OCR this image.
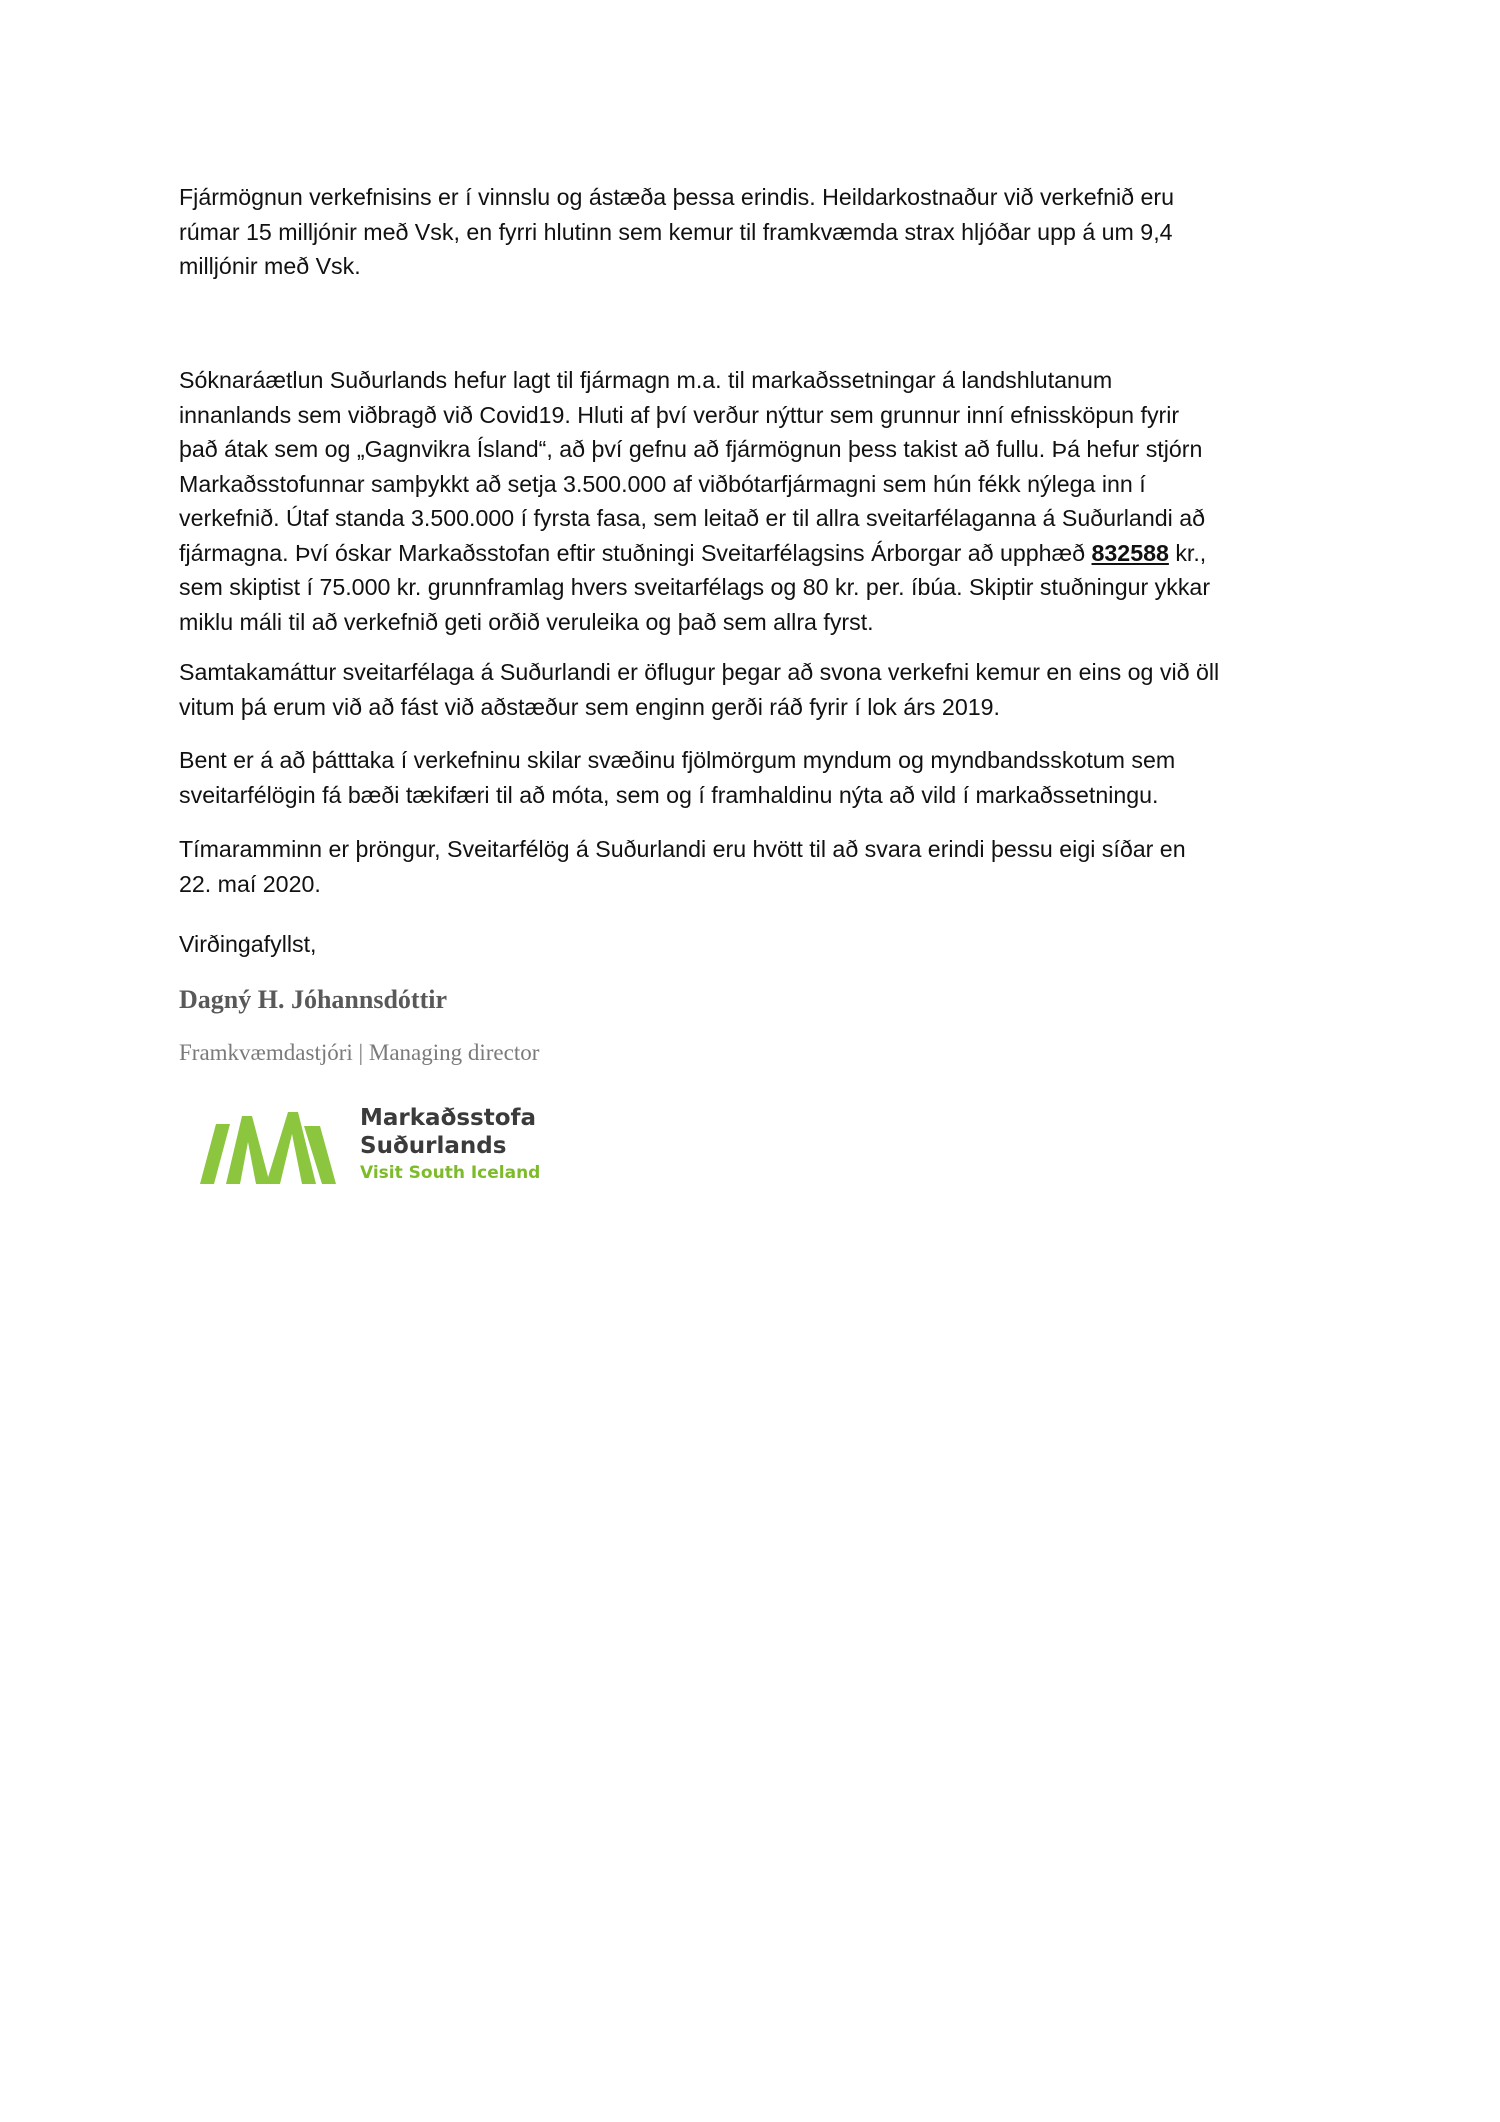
Fjármögnun verkefnisins er í vinnslu og ástæða þessa erindis. Heildarkostnaður við verkefnið eru
rúmar 15 milljónir með Vsk, en fyrri hlutinn sem kemur til framkvæmda strax hljóðar upp á um 9,4
milljónir með Vsk.

Sóknaráætlun Suðurlands hefur lagt til fjármagn m.a. til markaðssetningar á landshlutanum
innanlands sem viðbragð við Covid19. Hluti af því verður nýttur sem grunnur inní efnissköpun fyrir
það átak sem og „Gagnvikra Ísland“, að því gefnu að fjármögnun þess takist að fullu. Þá hefur stjórn
Markaðsstofunnar samþykkt að setja 3.500.000 af viðbótarfjármagni sem hún fékk nýlega inn í
verkefnið. Útaf standa 3.500.000 í fyrsta fasa, sem leitað er til allra sveitarfélaganna á Suðurlandi að
fjármagna. Því óskar Markaðsstofan eftir stuðningi Sveitarfélagsins Árborgar að upphæð 832588 kr.,
sem skiptist í 75.000 kr. grunnframlag hvers sveitarfélags og 80 kr. per. íbúa. Skiptir stuðningur ykkar
miklu máli til að verkefnið geti orðið veruleika og það sem allra fyrst.

Samtakamáttur sveitarfélaga á Suðurlandi er öflugur þegar að svona verkefni kemur en eins og við öll
vitum þá erum við að fást við aðstæður sem enginn gerði ráð fyrir í lok árs 2019.

Bent er á að þátttaka í verkefninu skilar svæðinu fjölmörgum myndum og myndbandsskotum sem
sveitarfélögin fá bæði tækifæri til að móta, sem og í framhaldinu nýta að vild í markaðssetningu.

Tímaramminn er þröngur, Sveitarfélög á Suðurlandi eru hvött til að svara erindi þessu eigi síðar en
22. maí 2020.

Virðingafyllst,

Dagný H. Jóhannsdóttir

Framkvæmdastjóri | Managing director

Markaðsstofa
Suðurlands
Visit South Iceland
